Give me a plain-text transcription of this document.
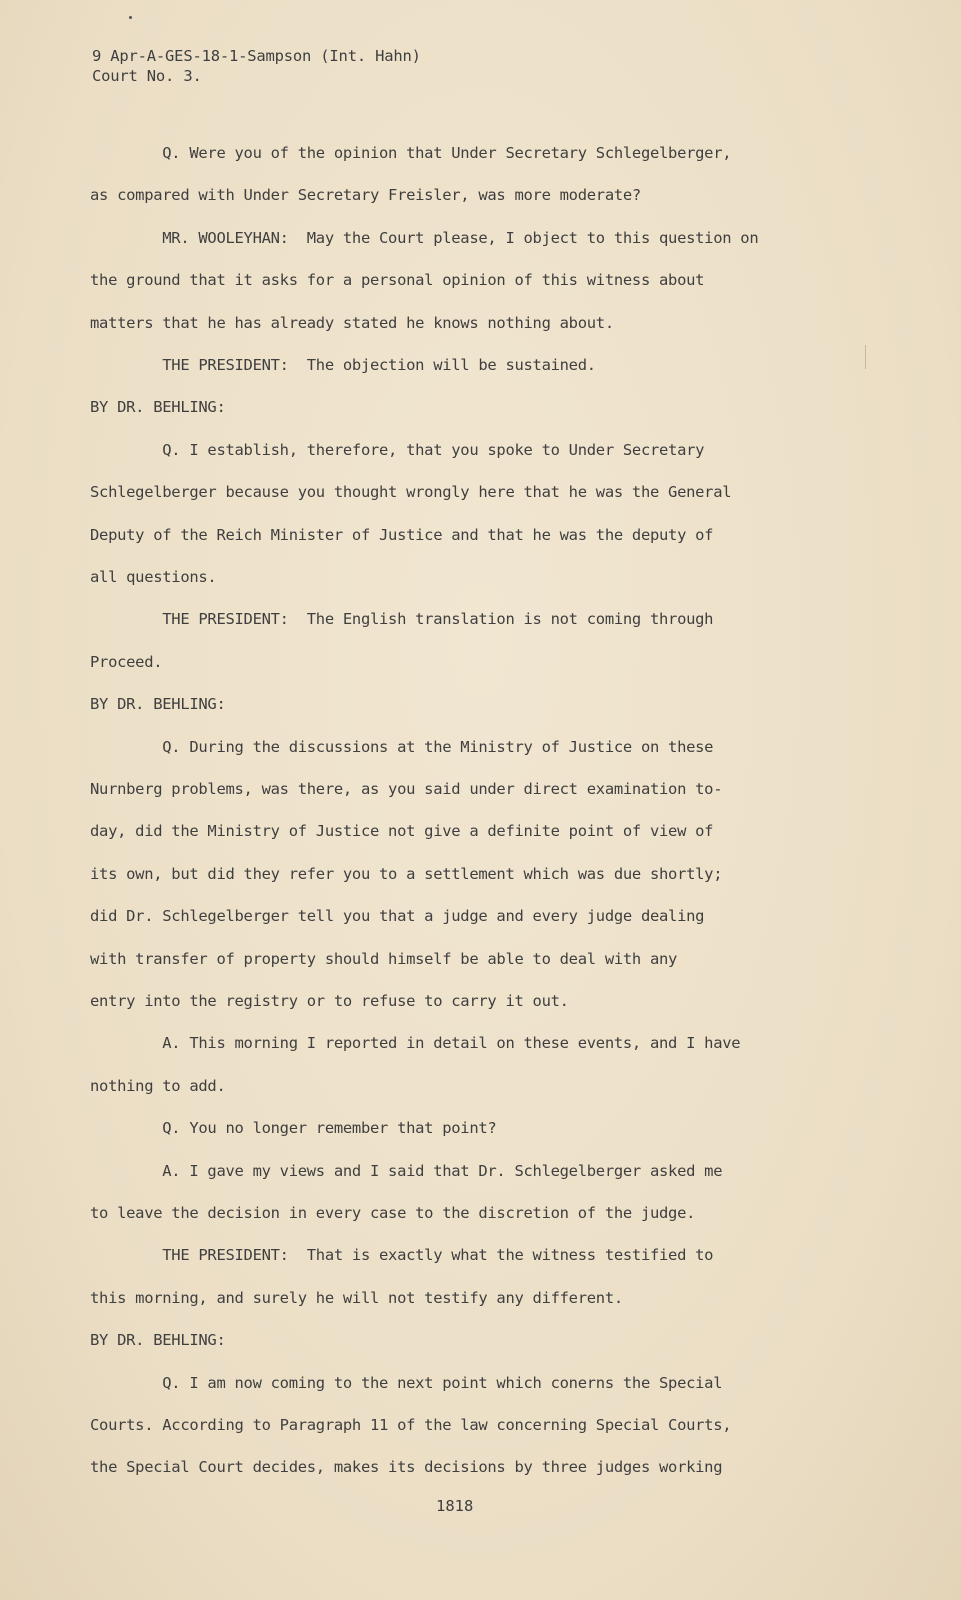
9 Apr-A-GES-18-1-Sampson (Int. Hahn)
Court No. 3.
Q. Were you of the opinion that Under Secretary Schlegelberger,
as compared with Under Secretary Freisler, was more moderate?
MR. WOOLEYHAN:  May the Court please, I object to this question on
the ground that it asks for a personal opinion of this witness about
matters that he has already stated he knows nothing about.
THE PRESIDENT:  The objection will be sustained.
BY DR. BEHLING:
Q. I establish, therefore, that you spoke to Under Secretary
Schlegelberger because you thought wrongly here that he was the General
Deputy of the Reich Minister of Justice and that he was the deputy of
all questions.
THE PRESIDENT:  The English translation is not coming through
Proceed.
BY DR. BEHLING:
Q. During the discussions at the Ministry of Justice on these
Nurnberg problems, was there, as you said under direct examination to-
day, did the Ministry of Justice not give a definite point of view of
its own, but did they refer you to a settlement which was due shortly;
did Dr. Schlegelberger tell you that a judge and every judge dealing
with transfer of property should himself be able to deal with any
entry into the registry or to refuse to carry it out.
A. This morning I reported in detail on these events, and I have
nothing to add.
Q. You no longer remember that point?
A. I gave my views and I said that Dr. Schlegelberger asked me
to leave the decision in every case to the discretion of the judge.
THE PRESIDENT:  That is exactly what the witness testified to
this morning, and surely he will not testify any different.
BY DR. BEHLING:
Q. I am now coming to the next point which conerns the Special
Courts. According to Paragraph 11 of the law concerning Special Courts,
the Special Court decides, makes its decisions by three judges working
1818
